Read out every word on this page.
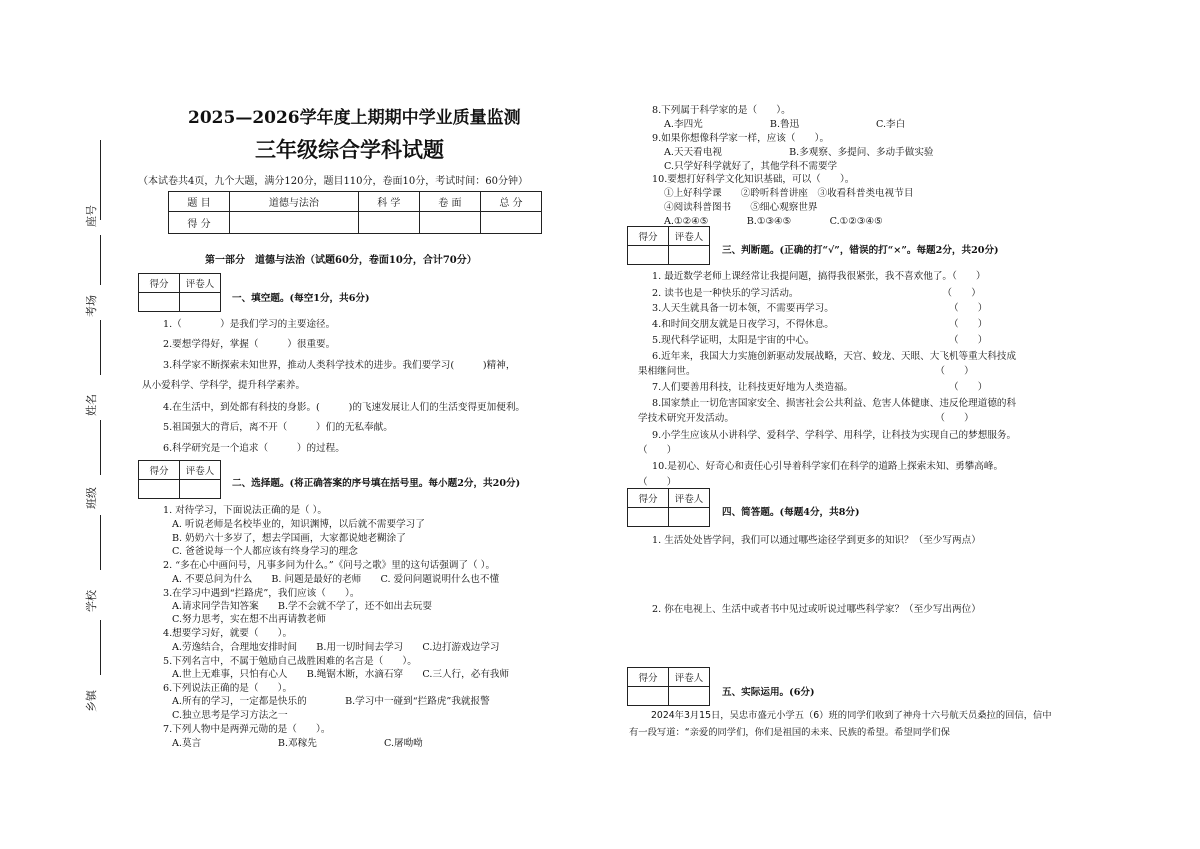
座号
考场
姓名
班级
学校
乡镇
2025—2026学年度上期期中学业质量监测
三年级综合学科试题
（本试卷共4页，九个大题，满分120分，题目110分，卷面10分，考试时间：60分钟）
题 目	道德与法治	科 学	卷 面	总 分
得 分				
第一部分　道德与法治（试题60分，卷面10分，合计70分）
得分	评卷人

一、填空题。(每空1分，共6分)
1.（　　　　）是我们学习的主要途径。
2.要想学得好，掌握（　　　）很重要。
3.科学家不断探索未知世界，推动人类科学技术的进步。我们要学习(　　　)精神，
从小爱科学、学科学，提升科学素养。
4.在生活中，到处都有科技的身影。(　　　)的飞速发展让人们的生活变得更加便利。
5.祖国强大的背后，离不开（　　　）们的无私奉献。
6.科学研究是一个追求（　　　）的过程。
得分	评卷人

二、选择题。(将正确答案的序号填在括号里。每小题2分，共20分)
1. 对待学习，下面说法正确的是（ ）。
A. 听说老师是名校毕业的，知识渊博，以后就不需要学习了
B. 奶奶六十多岁了，想去学国画，大家都说她老糊涂了
C. 爸爸说每一个人都应该有终身学习的理念
2. “多在心中画问号，凡事多问为什么。”《问号之歌》里的这句话强调了（ ）。
A. 不要总问为什么　　B. 问题是最好的老师　　C. 爱问问题说明什么也不懂
3.在学习中遇到“拦路虎”，我们应该（　　）。
A.请求同学告知答案　　B.学不会就不学了，还不如出去玩耍
C.努力思考，实在想不出再请教老师
4.想要学习好，就要（　　）。
A.劳逸结合，合理地安排时间　　B.用一切时间去学习　　C.边打游戏边学习
5.下列名言中，不属于勉励自己战胜困难的名言是（　　）。
A.世上无难事，只怕有心人　　B.绳锯木断，水滴石穿　　C.三人行，必有我师
6.下列说法正确的是（　　）。
A.所有的学习，一定都是快乐的　　　　B.学习中一碰到“拦路虎”我就报警
C.独立思考是学习方法之一
7.下列人物中是两弹元勋的是（　　）。
A.莫言　　　　　　　　B.邓稼先　　　　　　　C.屠呦呦
8.下列属于科学家的是（　　）。
A.李四光　　　　　　　B.鲁迅　　　　　　　　C.李白
9.如果你想像科学家一样，应该（　　）。
A.天天看电视　　　　　　　B.多观察、多提问、多动手做实验
C.只学好科学就好了，其他学科不需要学
10.要想打好科学文化知识基础，可以（　　）。
①上好科学课　　②聆听科普讲座　③收看科普类电视节目
④阅读科普图书　　⑤细心观察世界
A.①②④⑤　　　　B.①③④⑤　　　　C.①②③④⑤
得分	评卷人

三、判断题。(正确的打“√”，错误的打“×”。每题2分，共20分)
1. 最近数学老师上课经常让我提问题，搞得我很紧张，我不喜欢他了。（　　）
2. 读书也是一种快乐的学习活动。　　　　　　　　　　　　　　　　（　　）
3.人天生就具备一切本领，不需要再学习。　　　　　　　　　　　　　（　　）
4.和时间交朋友就是日夜学习，不得休息。　　　　　　　　　　　　　（　　）
5.现代科学证明，太阳是宇宙的中心。　　　　　　　　　　　　　　　（　　）
6.近年来，我国大力实施创新驱动发展战略，天宫、蛟龙、天眼、大飞机等重大科技成
果相继问世。　　　　　　　　　　　　　　　　　　　　　　　　　　（　　）
7.人们要善用科技，让科技更好地为人类造福。　　　　　　　　　　　（　　）
8.国家禁止一切危害国家安全、损害社会公共利益、危害人体健康、违反伦理道德的科
学技术研究开发活动。　　　　　　　　　　　　　　　　　　　　　　（　　）
9.小学生应该从小讲科学、爱科学、学科学、用科学，让科技为实现自己的梦想服务。
（　　）
10.是初心、好奇心和责任心引导着科学家们在科学的道路上探索未知、勇攀高峰。
（　　）
得分	评卷人

四、简答题。(每题4分，共8分)
1. 生活处处皆学问，我们可以通过哪些途径学到更多的知识？（至少写两点）
2. 你在电视上、生活中或者书中见过或听说过哪些科学家？（至少写出两位）
得分	评卷人

五、实际运用。(6分)
2024年3月15日，吴忠市盛元小学五（6）班的同学们收到了神舟十六号航天员桑拉的回信，信中有一段写道：“亲爱的同学们，你们是祖国的未来、民族的希望。希望同学们保
